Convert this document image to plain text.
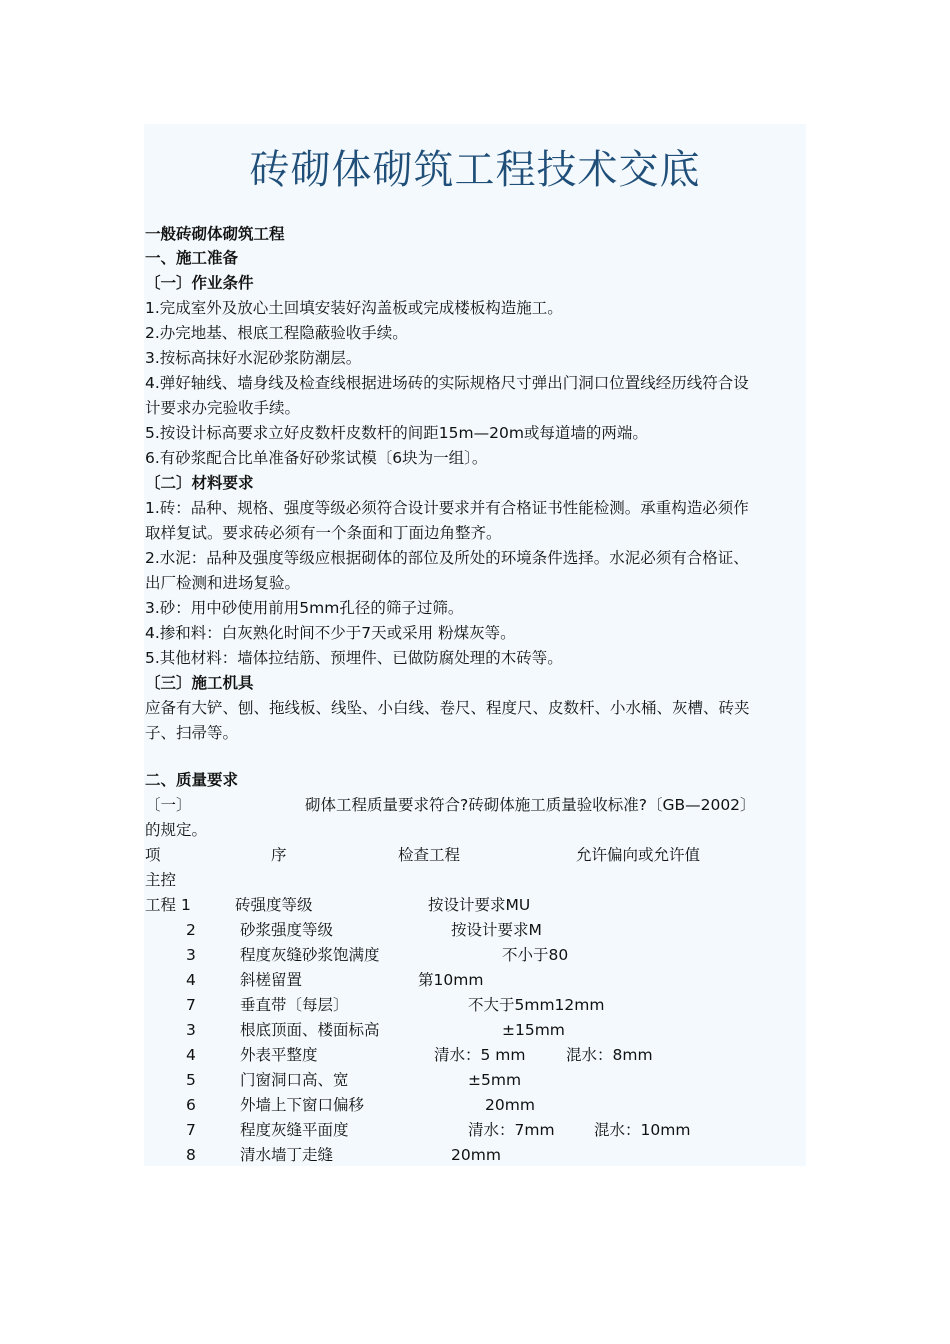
砖砌体砌筑工程技术交底
一般砖砌体砌筑工程
一、施工准备
〔一〕作业条件
1.完成室外及放心土回填安装好沟盖板或完成楼板构造施工。
2.办完地基、根底工程隐蔽验收手续。
3.按标高抹好水泥砂浆防潮层。
4.弹好轴线、墙身线及检查线根据进场砖的实际规格尺寸弹出门洞口位置线经历线符合设
计要求办完验收手续。
5.按设计标高要求立好皮数杆皮数杆的间距15m—20m或每道墙的两端。
6.有砂浆配合比单准备好砂浆试模〔6块为一组〕。
〔二〕材料要求
1.砖：品种、规格、强度等级必须符合设计要求并有合格证书性能检测。承重构造必须作
取样复试。要求砖必须有一个条面和丁面边角整齐。
2.水泥：品种及强度等级应根据砌体的部位及所处的环境条件选择。水泥必须有合格证、
出厂检测和进场复验。
3.砂：用中砂使用前用5mm孔径的筛子过筛。
4.掺和料：白灰熟化时间不少于7天或采用 粉煤灰等。
5.其他材料：墙体拉结筋、预埋件、已做防腐处理的木砖等。
〔三〕施工机具
应备有大铲、刨、拖线板、线坠、小白线、卷尺、程度尺、皮数杆、小水桶、灰槽、砖夹
子、扫帚等。
二、质量要求
〔一〕	砌体工程质量要求符合?砖砌体施工质量验收标准?〔GB—2002〕
的规定。
项	序	检查工程	允许偏向或允许值
主控
工程 1	砖强度等级	按设计要求MU
2	砂浆强度等级	按设计要求M
3	程度灰缝砂浆饱满度	不小于80
4	斜槎留置	第10mm
7	垂直带〔每层〕	不大于5mm12mm
3	根底顶面、楼面标高	±15mm
4	外表平整度	清水：5 mm	混水：8mm
5	门窗洞口高、宽	±5mm
6	外墙上下窗口偏移	20mm
7	程度灰缝平面度	清水：7mm	混水：10mm
8	清水墙丁走缝	20mm
